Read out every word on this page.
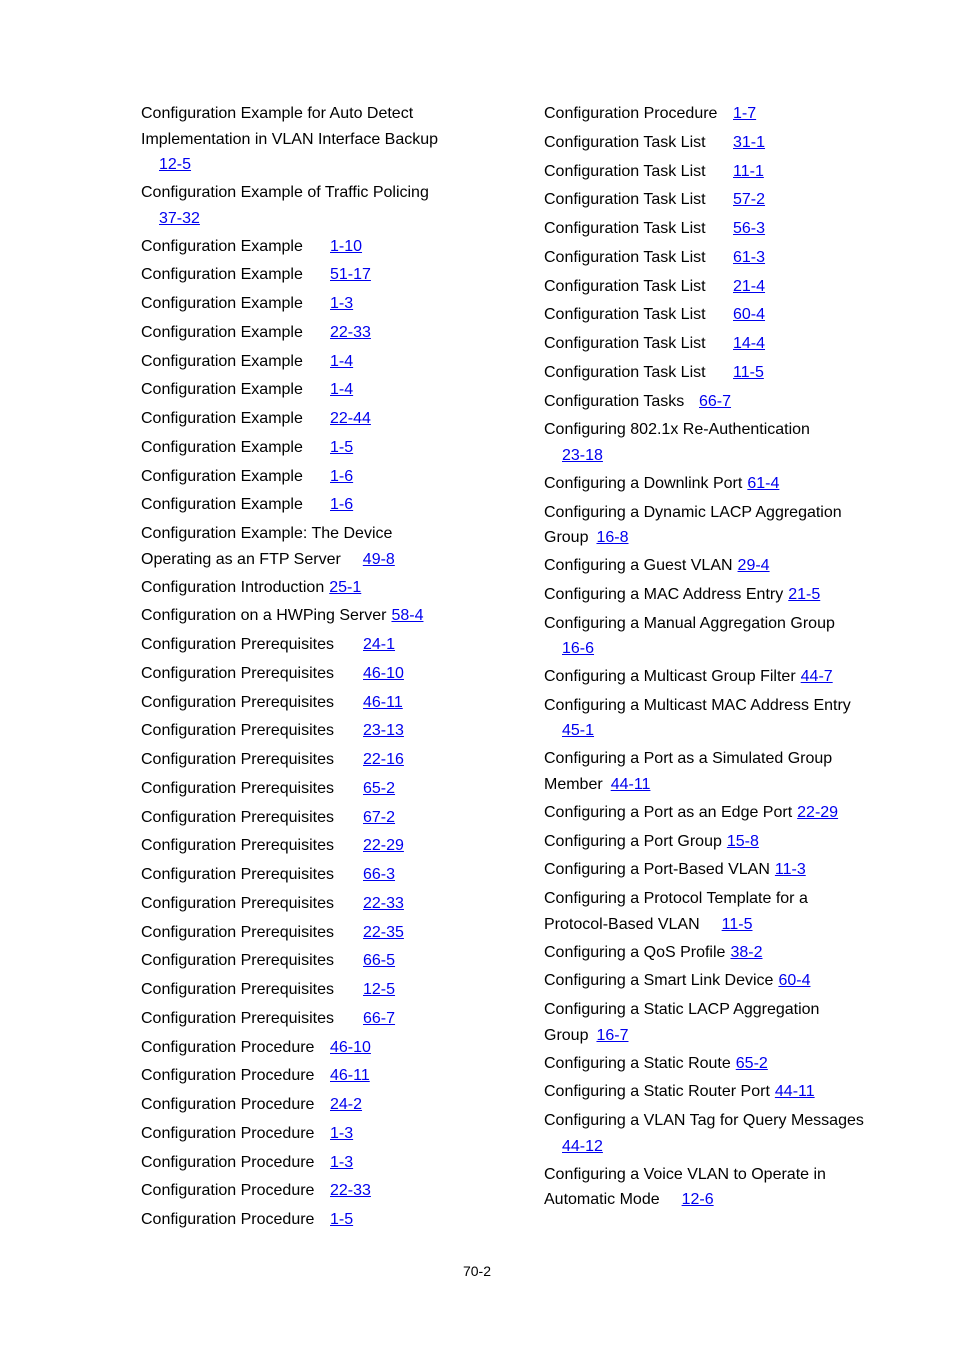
Configuration Example for Auto Detect
Implementation in VLAN Interface Backup
12-5
Configuration Example of Traffic Policing
37-32
Configuration Example	1-10
Configuration Example	51-17
Configuration Example	1-3
Configuration Example	22-33
Configuration Example	1-4
Configuration Example	1-4
Configuration Example	22-44
Configuration Example	1-5
Configuration Example	1-6
Configuration Example	1-6
Configuration Example: The Device
Operating as an FTP Server 49-8
Configuration Introduction 25-1
Configuration on a HWPing Server 58-4
Configuration Prerequisites	24-1
Configuration Prerequisites	46-10
Configuration Prerequisites	46-11
Configuration Prerequisites	23-13
Configuration Prerequisites	22-16
Configuration Prerequisites	65-2
Configuration Prerequisites	67-2
Configuration Prerequisites	22-29
Configuration Prerequisites	66-3
Configuration Prerequisites	22-33
Configuration Prerequisites	22-35
Configuration Prerequisites	66-5
Configuration Prerequisites	12-5
Configuration Prerequisites	66-7
Configuration Procedure 46-10
Configuration Procedure 46-11
Configuration Procedure 24-2
Configuration Procedure 1-3
Configuration Procedure 1-3
Configuration Procedure 22-33
Configuration Procedure 1-5
Configuration Procedure 1-7
Configuration Task List	31-1
Configuration Task List	11-1
Configuration Task List	57-2
Configuration Task List	56-3
Configuration Task List	61-3
Configuration Task List	21-4
Configuration Task List	60-4
Configuration Task List	14-4
Configuration Task List	11-5
Configuration Tasks 66-7
Configuring 802.1x Re-Authentication
23-18
Configuring a Downlink Port 61-4
Configuring a Dynamic LACP Aggregation
Group 16-8
Configuring a Guest VLAN 29-4
Configuring a MAC Address Entry 21-5
Configuring a Manual Aggregation Group
16-6
Configuring a Multicast Group Filter 44-7
Configuring a Multicast MAC Address Entry
45-1
Configuring a Port as a Simulated Group
Member 44-11
Configuring a Port as an Edge Port 22-29
Configuring a Port Group 15-8
Configuring a Port-Based VLAN 11-3
Configuring a Protocol Template for a
Protocol-Based VLAN 11-5
Configuring a QoS Profile 38-2
Configuring a Smart Link Device 60-4
Configuring a Static LACP Aggregation
Group 16-7
Configuring a Static Route 65-2
Configuring a Static Router Port 44-11
Configuring a VLAN Tag for Query Messages
44-12
Configuring a Voice VLAN to Operate in
Automatic Mode 12-6
70-2
